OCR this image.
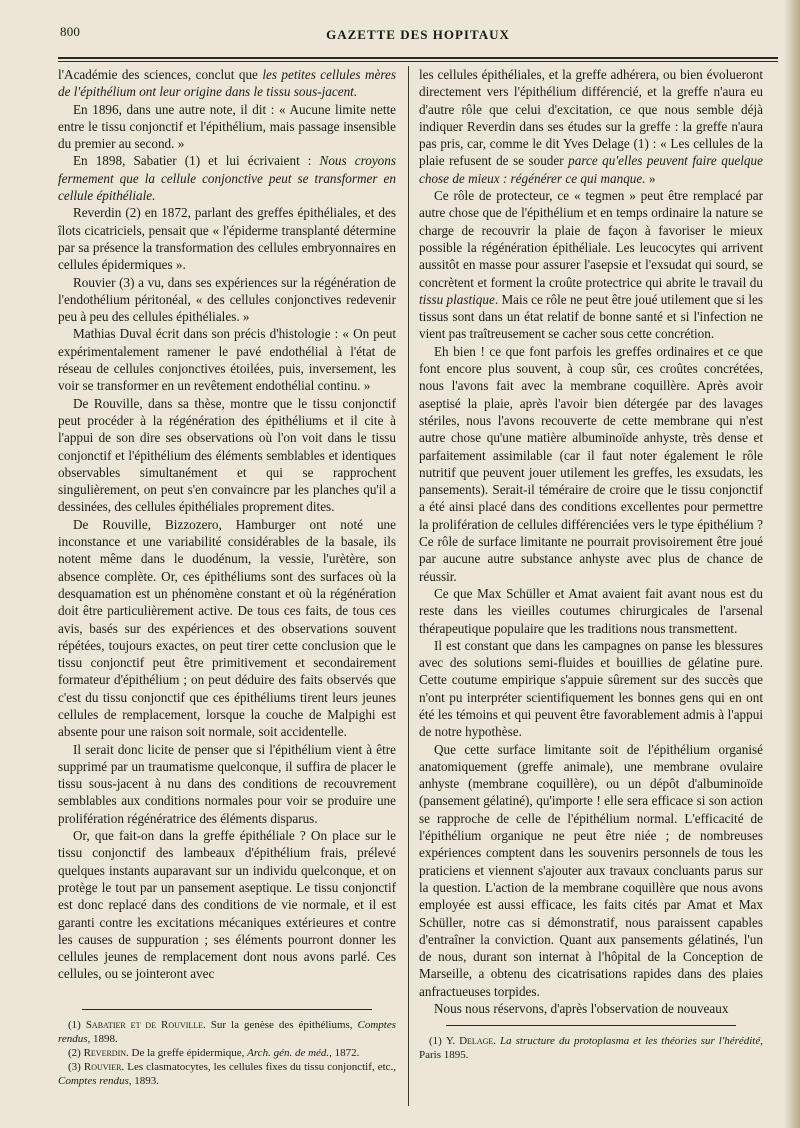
800	GAZETTE DES HOPITAUX

l'Académie des sciences, conclut que les petites cellules mères de l'épithélium ont leur origine dans le tissu sous-jacent.

En 1896, dans une autre note, il dit : « Aucune limite nette entre le tissu conjonctif et l'épithélium, mais passage insensible du premier au second. »

En 1898, Sabatier (1) et lui écrivaient : Nous croyons fermement que la cellule conjonctive peut se transformer en cellule épithéliale.

Reverdin (2) en 1872, parlant des greffes épithéliales, et des îlots cicatriciels, pensait que « l'épiderme transplanté détermine par sa présence la transformation des cellules embryonnaires en cellules épidermiques ».

Rouvier (3) a vu, dans ses expériences sur la régénération de l'endothélium péritonéal, « des cellules conjonctives redevenir peu à peu des cellules épithéliales. »

Mathias Duval écrit dans son précis d'histologie : « On peut expérimentalement ramener le pavé endothélial à l'état de réseau de cellules conjonctives étoilées, puis, inversement, les voir se transformer en un revêtement endothélial continu. »

De Rouville, dans sa thèse, montre que le tissu conjonctif peut procéder à la régénération des épithéliums et il cite à l'appui de son dire ses observations où l'on voit dans le tissu conjonctif et l'épithélium des éléments semblables et identiques observables simultanément et qui se rapprochent singulièrement, on peut s'en convaincre par les planches qu'il a dessinées, des cellules épithéliales proprement dites.

De Rouville, Bizzozero, Hamburger ont noté une inconstance et une variabilité considérables de la basale, ils notent même dans le duodénum, la vessie, l'urètère, son absence complète. Or, ces épithéliums sont des surfaces où la desquamation est un phénomène constant et où la régénération doit être particulièrement active. De tous ces faits, de tous ces avis, basés sur des expériences et des observations souvent répétées, toujours exactes, on peut tirer cette conclusion que le tissu conjonctif peut être primitivement et secondairement formateur d'épithélium ; on peut déduire des faits observés que c'est du tissu conjonctif que ces épithéliums tirent leurs jeunes cellules de remplacement, lorsque la couche de Malpighi est absente pour une raison soit normale, soit accidentelle.

Il serait donc licite de penser que si l'épithélium vient à être supprimé par un traumatisme quelconque, il suffira de placer le tissu sous-jacent à nu dans des conditions de recouvrement semblables aux conditions normales pour voir se produire une prolifération régénératrice des éléments disparus.

Or, que fait-on dans la greffe épithéliale ? On place sur le tissu conjonctif des lambeaux d'épithélium frais, prélevé quelques instants auparavant sur un individu quelconque, et on protège le tout par un pansement aseptique. Le tissu conjonctif est donc replacé dans des conditions de vie normale, et il est garanti contre les excitations mécaniques extérieures et contre les causes de suppuration ; ses éléments pourront donner les cellules jeunes de remplacement dont nous avons parlé. Ces cellules, ou se jointeront avec

(1) Sabatier et de Rouville. Sur la genèse des épithéliums, Comptes rendus, 1898.

(2) Reverdin. De la greffe épidermique, Arch. gén. de méd., 1872.

(3) Rouvier. Les clasmatocytes, les cellules fixes du tissu conjonctif, etc., Comptes rendus, 1893.

les cellules épithéliales, et la greffe adhérera, ou bien évolueront directement vers l'épithélium différencié, et la greffe n'aura eu d'autre rôle que celui d'excitation, ce que nous semble déjà indiquer Reverdin dans ses études sur la greffe : la greffe n'aura pas pris, car, comme le dit Yves Delage (1) : « Les cellules de la plaie refusent de se souder parce qu'elles peuvent faire quelque chose de mieux : régénérer ce qui manque. »

Ce rôle de protecteur, ce « tegmen » peut être remplacé par autre chose que de l'épithélium et en temps ordinaire la nature se charge de recouvrir la plaie de façon à favoriser le mieux possible la régénération épithéliale. Les leucocytes qui arrivent aussitôt en masse pour assurer l'asepsie et l'exsudat qui sourd, se concrètent et forment la croûte protectrice qui abrite le travail du tissu plastique. Mais ce rôle ne peut être joué utilement que si les tissus sont dans un état relatif de bonne santé et si l'infection ne vient pas traîtreusement se cacher sous cette concrétion.

Eh bien ! ce que font parfois les greffes ordinaires et ce que font encore plus souvent, à coup sûr, ces croûtes concrétées, nous l'avons fait avec la membrane coquillère. Après avoir aseptisé la plaie, après l'avoir bien détergée par des lavages stériles, nous l'avons recouverte de cette membrane qui n'est autre chose qu'une matière albuminoïde anhyste, très dense et parfaitement assimilable (car il faut noter également le rôle nutritif que peuvent jouer utilement les greffes, les exsudats, les pansements). Serait-il téméraire de croire que le tissu conjonctif a été ainsi placé dans des conditions excellentes pour permettre la prolifération de cellules différenciées vers le type épithélium ? Ce rôle de surface limitante ne pourrait provisoirement être joué par aucune autre substance anhyste avec plus de chance de réussir.

Ce que Max Schüller et Amat avaient fait avant nous est du reste dans les vieilles coutumes chirurgicales de l'arsenal thérapeutique populaire que les traditions nous transmettent.

Il est constant que dans les campagnes on panse les blessures avec des solutions semi-fluides et bouillies de gélatine pure. Cette coutume empirique s'appuie sûrement sur des succès que n'ont pu interpréter scientifiquement les bonnes gens qui en ont été les témoins et qui peuvent être favorablement admis à l'appui de notre hypothèse.

Que cette surface limitante soit de l'épithélium organisé anatomiquement (greffe animale), une membrane ovulaire anhyste (membrane coquillère), ou un dépôt d'albuminoïde (pansement gélatiné), qu'importe ! elle sera efficace si son action se rapproche de celle de l'épithélium normal. L'efficacité de l'épithélium organique ne peut être niée ; de nombreuses expériences comptent dans les souvenirs personnels de tous les praticiens et viennent s'ajouter aux travaux concluants parus sur la question. L'action de la membrane coquillère que nous avons employée est aussi efficace, les faits cités par Amat et Max Schüller, notre cas si démonstratif, nous paraissent capables d'entraîner la conviction. Quant aux pansements gélatinés, l'un de nous, durant son internat à l'hôpital de la Conception de Marseille, a obtenu des cicatrisations rapides dans des plaies anfractueuses torpides.

Nous nous réservons, d'après l'observation de nouveaux

(1) Y. Delage. La structure du protoplasma et les théories sur l'hérédité, Paris 1895.
